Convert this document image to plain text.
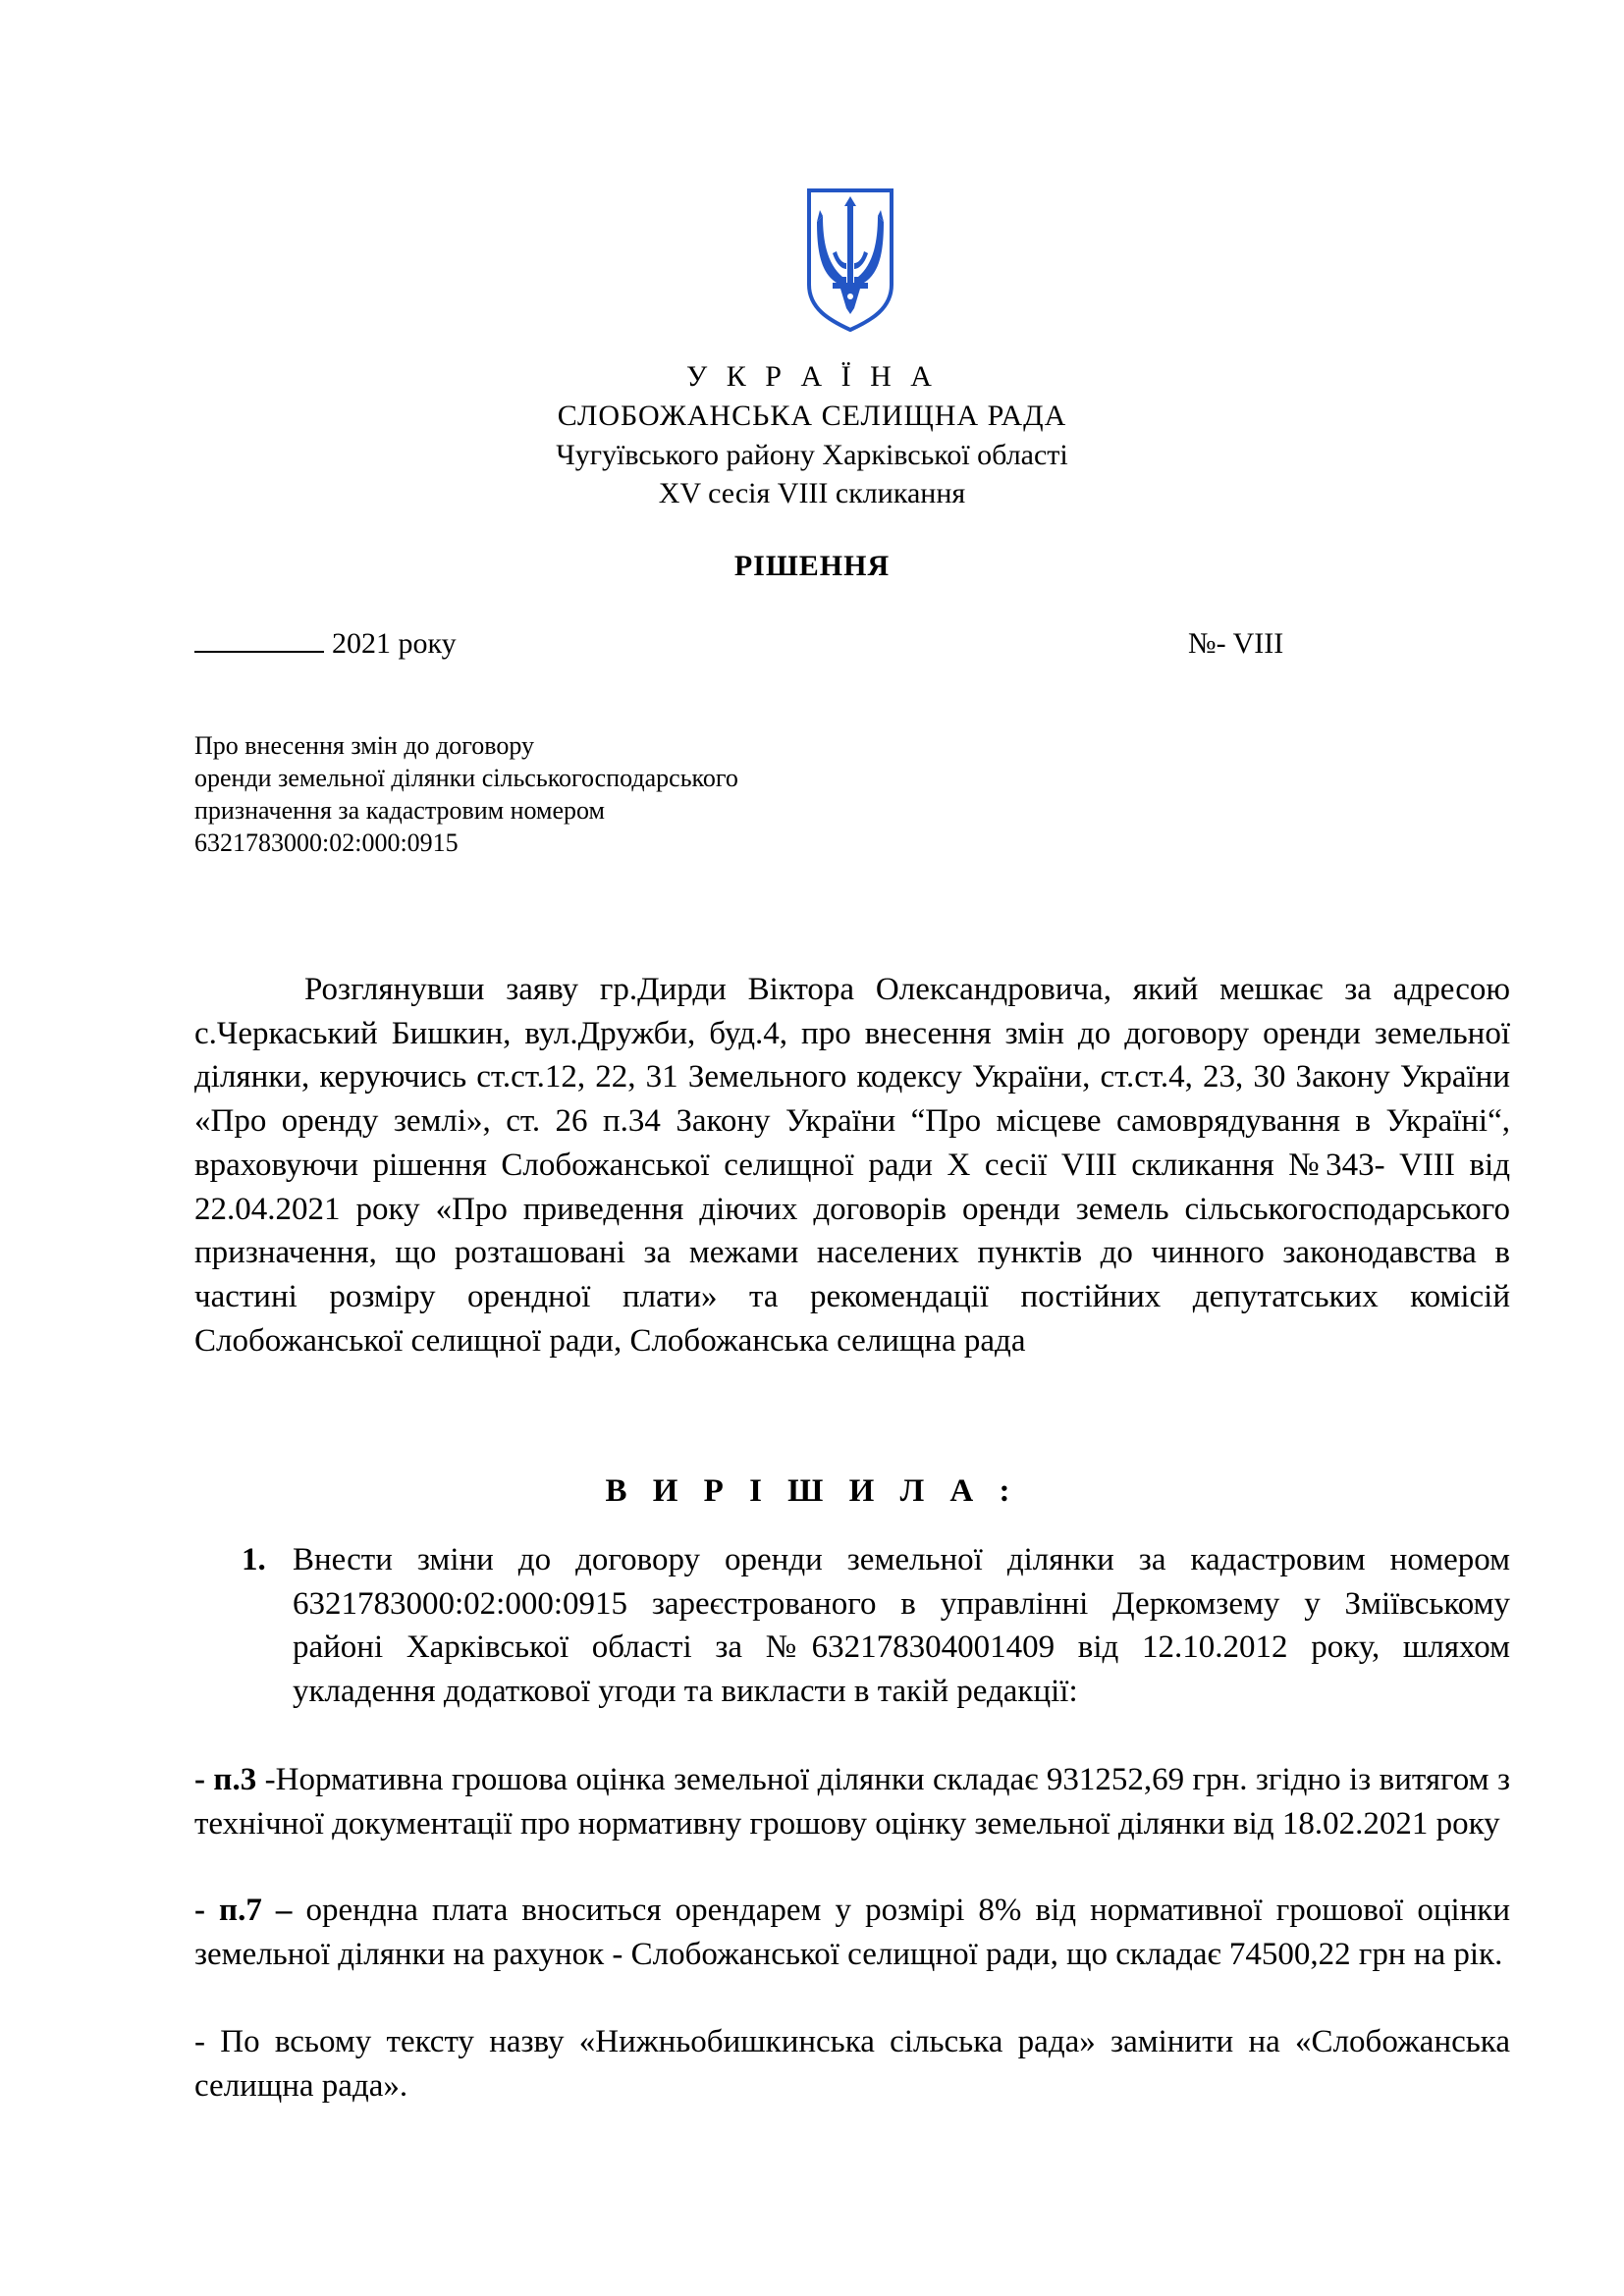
У К Р А Ї Н А
СЛОБОЖАНСЬКА СЕЛИЩНА РАДА
Чугуївського району Харківської області
XV сесія VIII скликання
РІШЕННЯ
2021 року	№- VIII
Про внесення змін до договору
оренди земельної ділянки сільськогосподарського
призначення за кадастровим номером
6321783000:02:000:0915
Розглянувши заяву гр.Дирди Віктора Олександровича, який мешкає за адресою с.Черкаський Бишкин, вул.Дружби, буд.4, про внесення змін до договору оренди земельної ділянки, керуючись ст.ст.12, 22, 31 Земельного кодексу України, ст.ст.4, 23, 30 Закону України «Про оренду землі», ст. 26 п.34 Закону України “Про місцеве самоврядування в Україні“, враховуючи рішення Слобожанської селищної ради Х сесії VIII скликання №343- VIII від 22.04.2021 року «Про приведення діючих договорів оренди земель сільськогосподарського призначення, що розташовані за межами населених пунктів до чинного законодавства в частині розміру орендної плати» та рекомендації постійних депутатських комісій Слобожанської селищної ради, Слобожанська селищна рада
В И Р І Ш И Л А :
1. Внести зміни до договору оренди земельної ділянки за кадастровим номером 6321783000:02:000:0915 зареєстрованого в управлінні Деркомзему у Зміївському районі Харківської області за №632178304001409 від 12.10.2012 року, шляхом укладення додаткової угоди та викласти в такій редакції:
- п.3 -Нормативна грошова оцінка земельної ділянки складає 931252,69 грн. згідно із витягом з технічної документації про нормативну грошову оцінку земельної ділянки від 18.02.2021 року
- п.7 – орендна плата вноситься орендарем у розмірі 8% від нормативної грошової оцінки земельної ділянки на рахунок - Слобожанської селищної ради, що складає 74500,22 грн на рік.
- По всьому тексту назву «Нижньобишкинська сільська рада» замінити на «Слобожанська селищна рада».
